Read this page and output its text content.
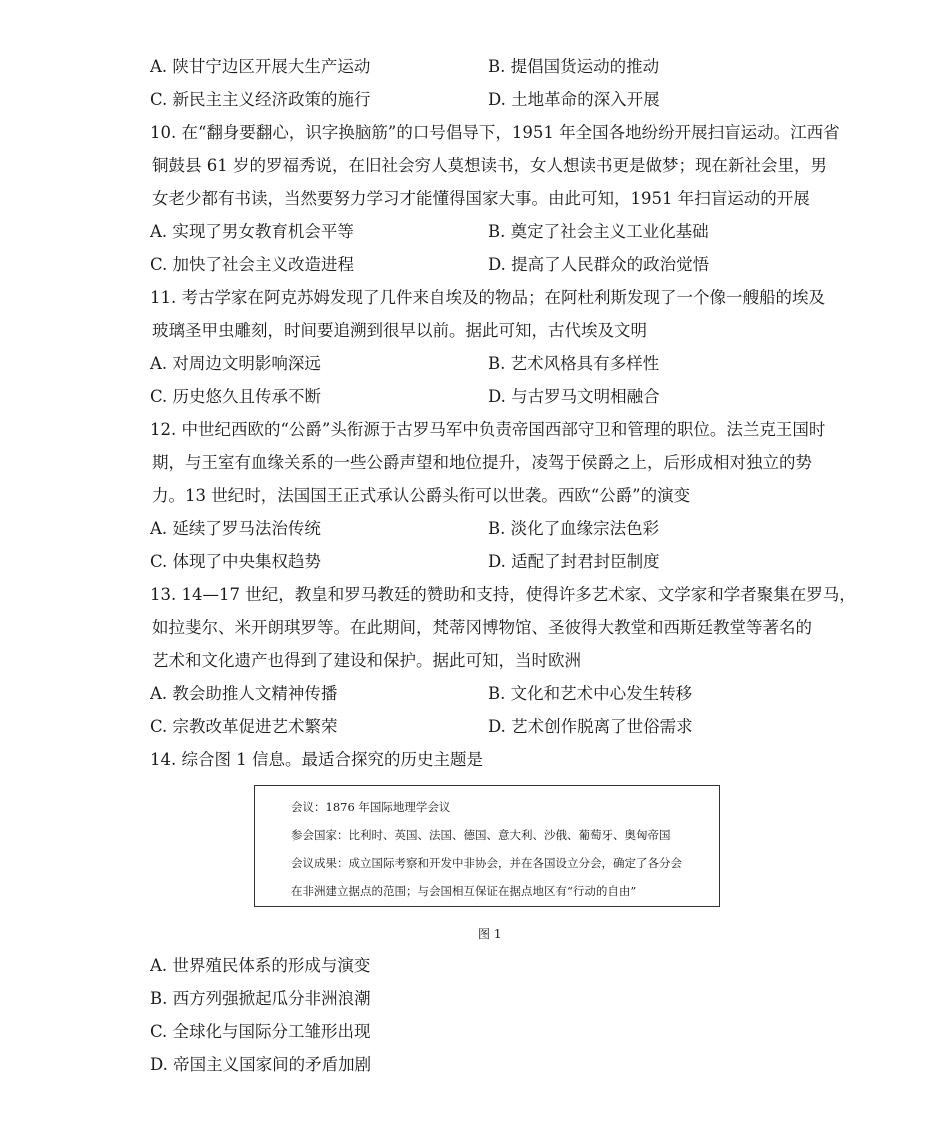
A. 陕甘宁边区开展大生产运动	B. 提倡国货运动的推动
C. 新民主主义经济政策的施行	D. 土地革命的深入开展
10. 在“翻身要翻心，识字换脑筋”的口号倡导下，1951 年全国各地纷纷开展扫盲运动。江西省
铜鼓县 61 岁的罗福秀说，在旧社会穷人莫想读书，女人想读书更是做梦；现在新社会里，男
女老少都有书读，当然要努力学习才能懂得国家大事。由此可知，1951 年扫盲运动的开展
A. 实现了男女教育机会平等	B. 奠定了社会主义工业化基础
C. 加快了社会主义改造进程	D. 提高了人民群众的政治觉悟
11. 考古学家在阿克苏姆发现了几件来自埃及的物品；在阿杜利斯发现了一个像一艘船的埃及
玻璃圣甲虫雕刻，时间要追溯到很早以前。据此可知，古代埃及文明
A. 对周边文明影响深远	B. 艺术风格具有多样性
C. 历史悠久且传承不断	D. 与古罗马文明相融合
12. 中世纪西欧的“公爵”头衔源于古罗马军中负责帝国西部守卫和管理的职位。法兰克王国时
期，与王室有血缘关系的一些公爵声望和地位提升，凌驾于侯爵之上，后形成相对独立的势
力。13 世纪时，法国国王正式承认公爵头衔可以世袭。西欧“公爵”的演变
A. 延续了罗马法治传统	B. 淡化了血缘宗法色彩
C. 体现了中央集权趋势	D. 适配了封君封臣制度
13. 14—17 世纪，教皇和罗马教廷的赞助和支持，使得许多艺术家、文学家和学者聚集在罗马，
如拉斐尔、米开朗琪罗等。在此期间，梵蒂冈博物馆、圣彼得大教堂和西斯廷教堂等著名的
艺术和文化遗产也得到了建设和保护。据此可知，当时欧洲
A. 教会助推人文精神传播	B. 文化和艺术中心发生转移
C. 宗教改革促进艺术繁荣	D. 艺术创作脱离了世俗需求
14. 综合图 1 信息。最适合探究的历史主题是
会议：1876 年国际地理学会议
参会国家：比利时、英国、法国、德国、意大利、沙俄、葡萄牙、奥匈帝国
会议成果：成立国际考察和开发中非协会，并在各国设立分会，确定了各分会
在非洲建立据点的范围；与会国相互保证在据点地区有“行动的自由”
图 1
A. 世界殖民体系的形成与演变
B. 西方列强掀起瓜分非洲浪潮
C. 全球化与国际分工雏形出现
D. 帝国主义国家间的矛盾加剧
